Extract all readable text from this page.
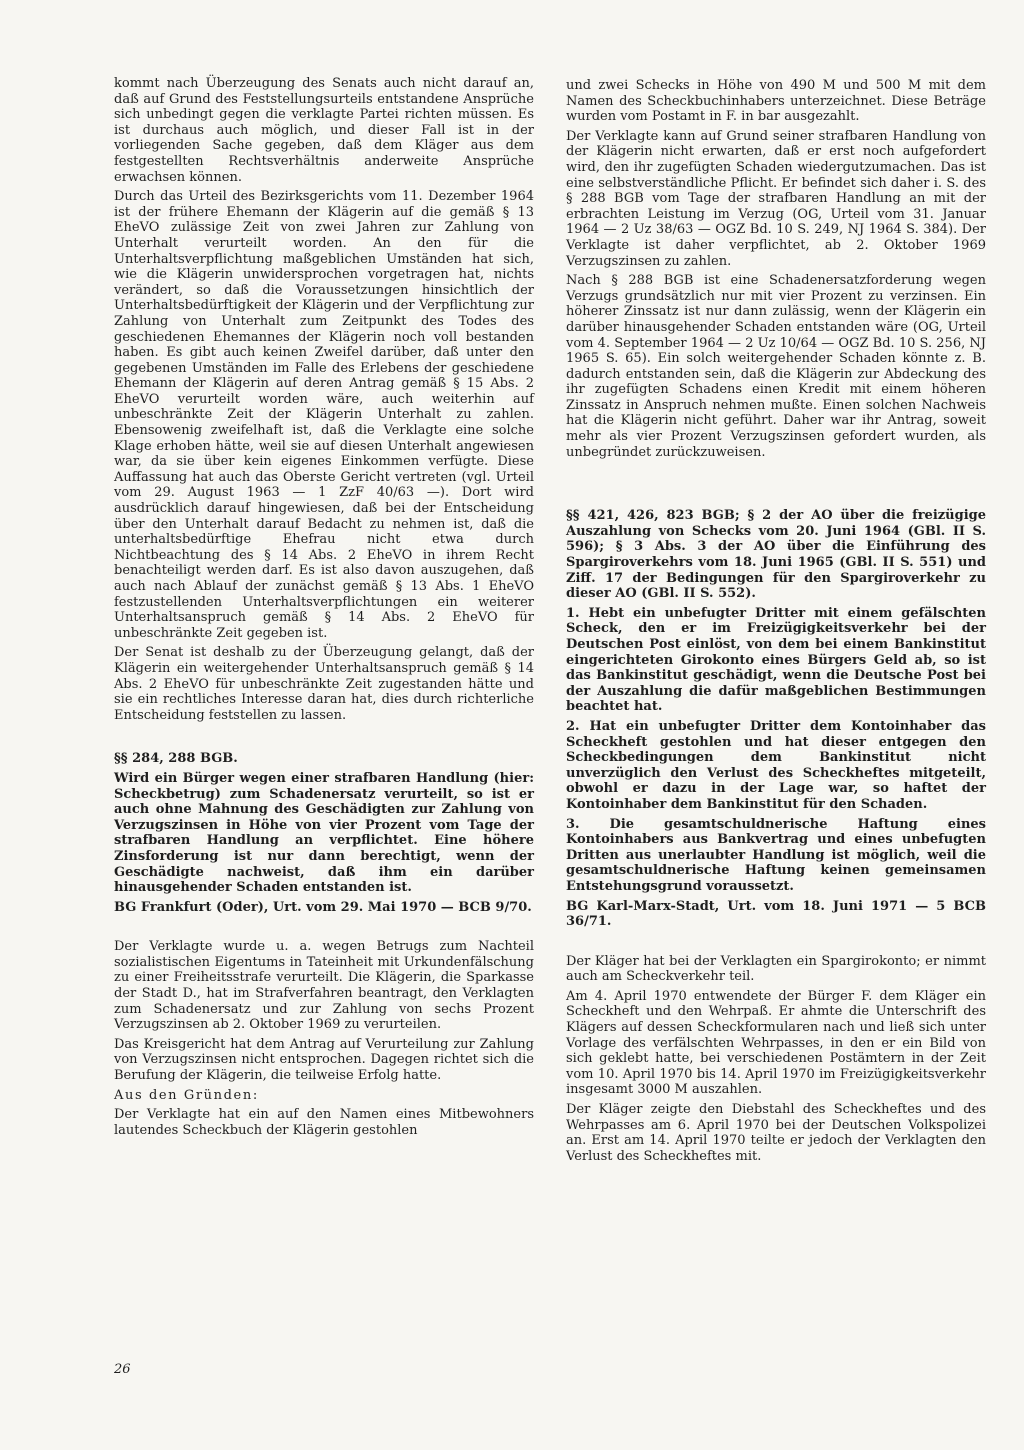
kommt nach Überzeugung des Senats auch nicht darauf an, daß auf Grund des Feststellungsurteils entstandene Ansprüche sich unbedingt gegen die verklagte Partei richten müssen. Es ist durchaus auch möglich, und dieser Fall ist in der vorliegenden Sache gegeben, daß dem Kläger aus dem festgestellten Rechtsverhältnis anderweite Ansprüche erwachsen können.

Durch das Urteil des Bezirksgerichts vom 11. Dezember 1964 ist der frühere Ehemann der Klägerin auf die gemäß § 13 EheVO zulässige Zeit von zwei Jahren zur Zahlung von Unterhalt verurteilt worden. An den für die Unterhaltsverpflichtung maßgeblichen Umständen hat sich, wie die Klägerin unwidersprochen vorgetragen hat, nichts verändert, so daß die Voraussetzungen hinsichtlich der Unterhaltsbedürftigkeit der Klägerin und der Verpflichtung zur Zahlung von Unterhalt zum Zeitpunkt des Todes des geschiedenen Ehemannes der Klägerin noch voll bestanden haben. Es gibt auch keinen Zweifel darüber, daß unter den gegebenen Umständen im Falle des Erlebens der geschiedene Ehemann der Klägerin auf deren Antrag gemäß § 15 Abs. 2 EheVO verurteilt worden wäre, auch weiterhin auf unbeschränkte Zeit der Klägerin Unterhalt zu zahlen. Ebensowenig zweifelhaft ist, daß die Verklagte eine solche Klage erhoben hätte, weil sie auf diesen Unterhalt angewiesen war, da sie über kein eigenes Einkommen verfügte. Diese Auffassung hat auch das Oberste Gericht vertreten (vgl. Urteil vom 29. August 1963 — 1 ZzF 40/63 —). Dort wird ausdrücklich darauf hingewiesen, daß bei der Entscheidung über den Unterhalt darauf Bedacht zu nehmen ist, daß die unterhaltsbedürftige Ehefrau nicht etwa durch Nichtbeachtung des § 14 Abs. 2 EheVO in ihrem Recht benachteiligt werden darf. Es ist also davon auszugehen, daß auch nach Ablauf der zunächst gemäß § 13 Abs. 1 EheVO festzustellenden Unterhaltsverpflichtungen ein weiterer Unterhaltsanspruch gemäß § 14 Abs. 2 EheVO für unbeschränkte Zeit gegeben ist.

Der Senat ist deshalb zu der Überzeugung gelangt, daß der Klägerin ein weitergehender Unterhaltsanspruch gemäß § 14 Abs. 2 EheVO für unbeschränkte Zeit zugestanden hätte und sie ein rechtliches Interesse daran hat, dies durch richterliche Entscheidung feststellen zu lassen.

§§ 284, 288 BGB.

Wird ein Bürger wegen einer strafbaren Handlung (hier: Scheckbetrug) zum Schadenersatz verurteilt, so ist er auch ohne Mahnung des Geschädigten zur Zahlung von Verzugszinsen in Höhe von vier Prozent vom Tage der strafbaren Handlung an verpflichtet. Eine höhere Zinsforderung ist nur dann berechtigt, wenn der Geschädigte nachweist, daß ihm ein darüber hinausgehender Schaden entstanden ist.

BG Frankfurt (Oder), Urt. vom 29. Mai 1970 — BCB 9/70.

Der Verklagte wurde u. a. wegen Betrugs zum Nachteil sozialistischen Eigentums in Tateinheit mit Urkundenfälschung zu einer Freiheitsstrafe verurteilt. Die Klägerin, die Sparkasse der Stadt D., hat im Strafverfahren beantragt, den Verklagten zum Schadenersatz und zur Zahlung von sechs Prozent Verzugszinsen ab 2. Oktober 1969 zu verurteilen.

Das Kreisgericht hat dem Antrag auf Verurteilung zur Zahlung von Verzugszinsen nicht entsprochen. Dagegen richtet sich die Berufung der Klägerin, die teilweise Erfolg hatte.

Aus den Gründen:

Der Verklagte hat ein auf den Namen eines Mitbewohners lautendes Scheckbuch der Klägerin gestohlen

und zwei Schecks in Höhe von 490 M und 500 M mit dem Namen des Scheckbuchinhabers unterzeichnet. Diese Beträge wurden vom Postamt in F. in bar ausgezahlt.

Der Verklagte kann auf Grund seiner strafbaren Handlung von der Klägerin nicht erwarten, daß er erst noch aufgefordert wird, den ihr zugefügten Schaden wiedergutzumachen. Das ist eine selbstverständliche Pflicht. Er befindet sich daher i. S. des § 288 BGB vom Tage der strafbaren Handlung an mit der erbrachten Leistung im Verzug (OG, Urteil vom 31. Januar 1964 — 2 Uz 38/63 — OGZ Bd. 10 S. 249, NJ 1964 S. 384). Der Verklagte ist daher verpflichtet, ab 2. Oktober 1969 Verzugszinsen zu zahlen.

Nach § 288 BGB ist eine Schadenersatzforderung wegen Verzugs grundsätzlich nur mit vier Prozent zu verzinsen. Ein höherer Zinssatz ist nur dann zulässig, wenn der Klägerin ein darüber hinausgehender Schaden entstanden wäre (OG, Urteil vom 4. September 1964 — 2 Uz 10/64 — OGZ Bd. 10 S. 256, NJ 1965 S. 65). Ein solch weitergehender Schaden könnte z. B. dadurch entstanden sein, daß die Klägerin zur Abdeckung des ihr zugefügten Schadens einen Kredit mit einem höheren Zinssatz in Anspruch nehmen mußte. Einen solchen Nachweis hat die Klägerin nicht geführt. Daher war ihr Antrag, soweit mehr als vier Prozent Verzugszinsen gefordert wurden, als unbegründet zurückzuweisen.

§§ 421, 426, 823 BGB; § 2 der AO über die freizügige Auszahlung von Schecks vom 20. Juni 1964 (GBl. II S. 596); § 3 Abs. 3 der AO über die Einführung des Spargiroverkehrs vom 18. Juni 1965 (GBl. II S. 551) und Ziff. 17 der Bedingungen für den Spargiroverkehr zu dieser AO (GBl. II S. 552).

1. Hebt ein unbefugter Dritter mit einem gefälschten Scheck, den er im Freizügigkeitsverkehr bei der Deutschen Post einlöst, von dem bei einem Bankinstitut eingerichteten Girokonto eines Bürgers Geld ab, so ist das Bankinstitut geschädigt, wenn die Deutsche Post bei der Auszahlung die dafür maßgeblichen Bestimmungen beachtet hat.

2. Hat ein unbefugter Dritter dem Kontoinhaber das Scheckheft gestohlen und hat dieser entgegen den Scheckbedingungen dem Bankinstitut nicht unverzüglich den Verlust des Scheckheftes mitgeteilt, obwohl er dazu in der Lage war, so haftet der Kontoinhaber dem Bankinstitut für den Schaden.

3. Die gesamtschuldnerische Haftung eines Kontoinhabers aus Bankvertrag und eines unbefugten Dritten aus unerlaubter Handlung ist möglich, weil die gesamtschuldnerische Haftung keinen gemeinsamen Entstehungsgrund voraussetzt.

BG Karl-Marx-Stadt, Urt. vom 18. Juni 1971 — 5 BCB 36/71.

Der Kläger hat bei der Verklagten ein Spargirokonto; er nimmt auch am Scheckverkehr teil.

Am 4. April 1970 entwendete der Bürger F. dem Kläger ein Scheckheft und den Wehrpaß. Er ahmte die Unterschrift des Klägers auf dessen Scheckformularen nach und ließ sich unter Vorlage des verfälschten Wehrpasses, in den er ein Bild von sich geklebt hatte, bei verschiedenen Postämtern in der Zeit vom 10. April 1970 bis 14. April 1970 im Freizügigkeitsverkehr insgesamt 3000 M auszahlen.

Der Kläger zeigte den Diebstahl des Scheckheftes und des Wehrpasses am 6. April 1970 bei der Deutschen Volkspolizei an. Erst am 14. April 1970 teilte er jedoch der Verklagten den Verlust des Scheckheftes mit.

26
